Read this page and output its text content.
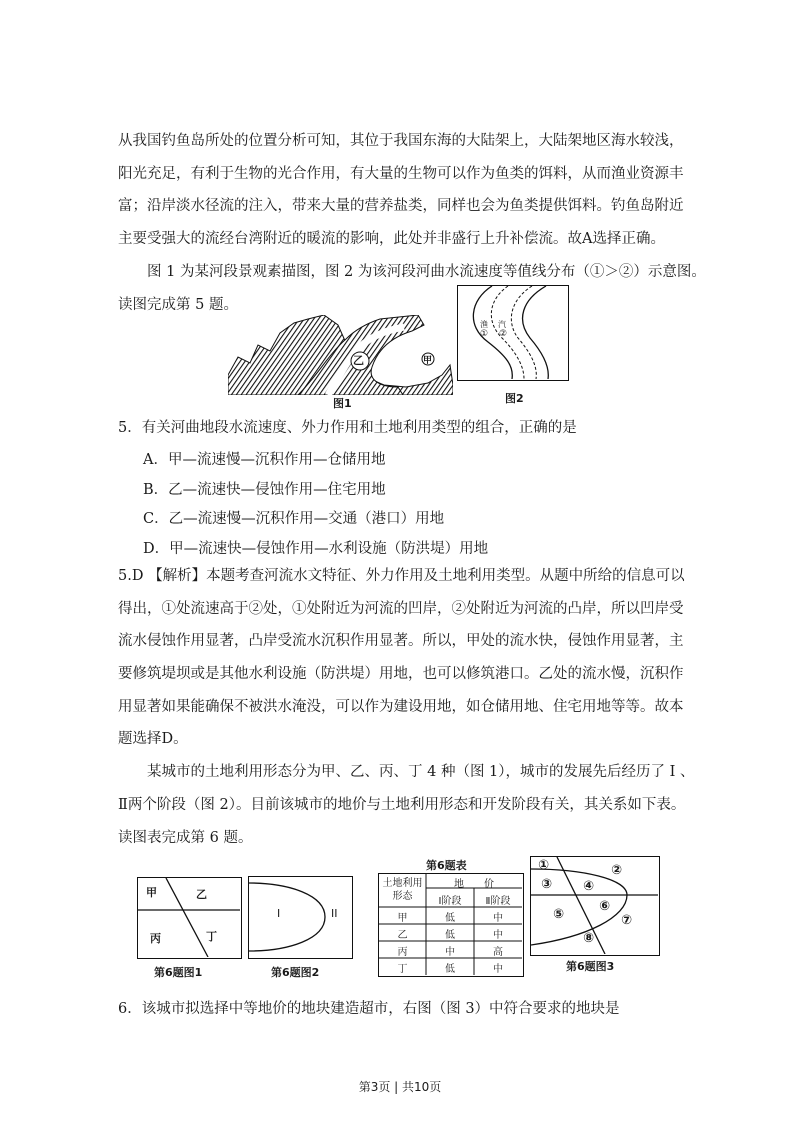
从我国钓鱼岛所处的位置分析可知，其位于我国东海的大陆架上，大陆架地区海水较浅，
阳光充足，有利于生物的光合作用，有大量的生物可以作为鱼类的饵料，从而渔业资源丰
富；沿岸淡水径流的注入，带来大量的营养盐类，同样也会为鱼类提供饵料。钓鱼岛附近
主要受强大的流经台湾附近的暖流的影响，此处并非盛行上升补偿流。故A选择正确。
图 1 为某河段景观素描图，图 2 为该河段河曲水流速度等值线分布（①＞②）示意图。
读图完成第 5 题。
乙	甲
图1
渔
①
汽
②
图2
5．有关河曲地段水流速度、外力作用和土地利用类型的组合，正确的是
A．甲—流速慢—沉积作用—仓储用地
B．乙—流速快—侵蚀作用—住宅用地
C．乙—流速慢—沉积作用—交通（港口）用地
D．甲—流速快—侵蚀作用—水利设施（防洪堤）用地
5.D 【解析】本题考查河流水文特征、外力作用及土地利用类型。从题中所给的信息可以
得出，①处流速高于②处，①处附近为河流的凹岸，②处附近为河流的凸岸，所以凹岸受
流水侵蚀作用显著，凸岸受流水沉积作用显著。所以，甲处的流水快，侵蚀作用显著，主
要修筑堤坝或是其他水利设施（防洪堤）用地，也可以修筑港口。乙处的流水慢，沉积作
用显著如果能确保不被洪水淹没，可以作为建设用地，如仓储用地、住宅用地等等。故本
题选择D。
某城市的土地利用形态分为甲、乙、丙、丁 4 种（图 1），城市的发展先后经历了 Ⅰ 、
Ⅱ两个阶段（图 2）。目前该城市的地价与土地利用形态和开发阶段有关，其关系如下表。
读图表完成第 6 题。
甲	乙
丙	丁
第6题图1
I	II
第6题图2
第6题表
土地利用形态
地　　价
Ⅰ阶段	Ⅱ阶段
甲	低	中
乙	低	中
丙	中	高
丁	低	中
①	②
③ ④
⑤
⑥
⑦
⑧
第6题图3
6．该城市拟选择中等地价的地块建造超市，右图（图 3）中符合要求的地块是
第3页 | 共10页
